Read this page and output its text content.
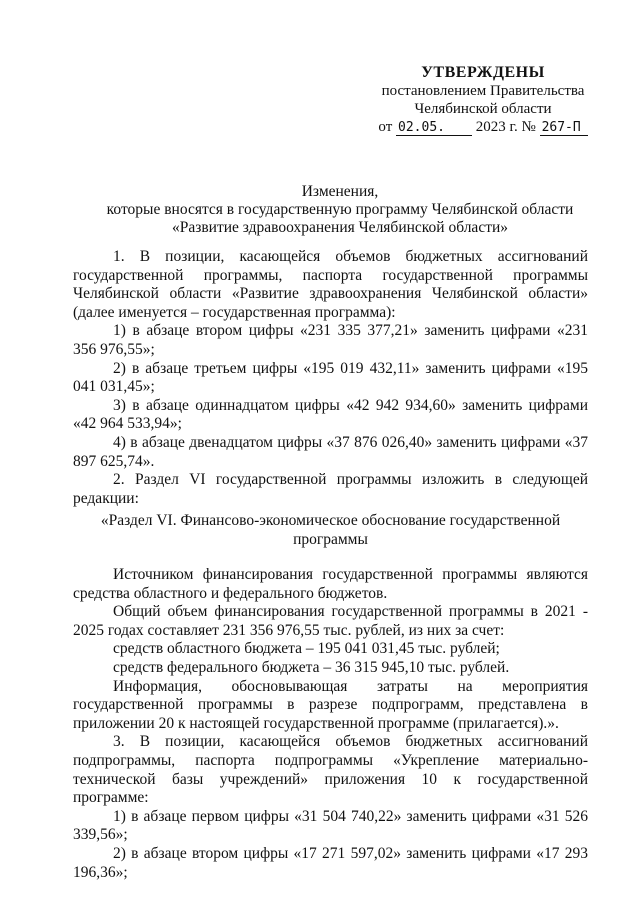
УТВЕРЖДЕНЫ
постановлением Правительства
Челябинской области
от 02.05. 2023 г. № 267-П
Изменения,
которые вносятся в государственную программу Челябинской области
«Развитие здравоохранения Челябинской области»

1. В позиции, касающейся объемов бюджетных ассигнований государственной программы, паспорта государственной программы Челябинской области «Развитие здравоохранения Челябинской области» (далее именуется – государственная программа):

1) в абзаце втором цифры «231 335 377,21» заменить цифрами «231 356 976,55»;

2) в абзаце третьем цифры «195 019 432,11» заменить цифрами «195 041 031,45»;

3) в абзаце одиннадцатом цифры «42 942 934,60» заменить цифрами «42 964 533,94»;

4) в абзаце двенадцатом цифры «37 876 026,40» заменить цифрами «37 897 625,74».

2. Раздел VI государственной программы изложить в следующей редакции:

«Раздел VI. Финансово-экономическое обоснование государственной программы

Источником финансирования государственной программы являются средства областного и федерального бюджетов.

Общий объем финансирования государственной программы в 2021 - 2025 годах составляет 231 356 976,55 тыс. рублей, из них за счет:

средств областного бюджета – 195 041 031,45 тыс. рублей;

средств федерального бюджета – 36 315 945,10 тыс. рублей.

Информация, обосновывающая затраты на мероприятия государственной программы в разрезе подпрограмм, представлена в приложении 20 к настоящей государственной программе (прилагается).».

3. В позиции, касающейся объемов бюджетных ассигнований подпрограммы, паспорта подпрограммы «Укрепление материально-технической базы учреждений» приложения 10 к государственной программе:

1) в абзаце первом цифры «31 504 740,22» заменить цифрами «31 526 339,56»;

2) в абзаце втором цифры «17 271 597,02» заменить цифрами «17 293 196,36»;
